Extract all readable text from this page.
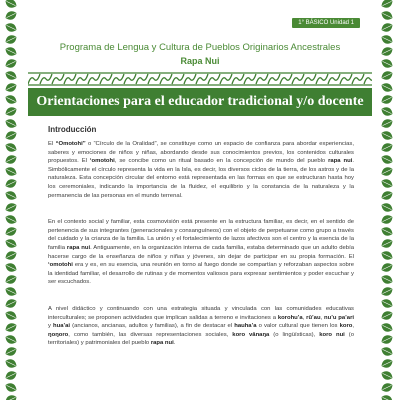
1° BÁSICO Unidad 1
Programa de Lengua y Cultura de Pueblos Originarios Ancestrales
Rapa Nui
Orientaciones para el educador tradicional y/o docente
Introducción

El “Omotohi” o “Círculo de la Oralidad”, se constituye como un espacio de confianza para abordar experiencias, saberes y emociones de niños y niñas, abordando desde sus conocimientos previos, los contenidos culturales propuestos. El ‘omotohi, se concibe como un ritual basado en la concepción de mundo del pueblo rapa nui. Simbólicamente el círculo representa la vida en la Isla, es decir, los diversos ciclos de la tierra, de los astros y de la naturaleza. Esta concepción circular del entorno está representada en las formas en que se estructuran hasta hoy los ceremoniales, indicando la importancia de la fluidez, el equilibrio y la constancia de la naturaleza y la permanencia de las personas en el mundo terrenal.

En el contexto social y familiar, esta cosmovisión está presente en la estructura familiar, es decir, en el sentido de pertenencia de sus integrantes (generacionales y consanguíneos) con el objeto de perpetuarse como grupo a través del cuidado y la crianza de la familia. La unión y el fortalecimiento de lazos afectivos son el centro y la esencia de la familia rapa nui. Antiguamente, en la organización interna de cada familia, estaba determinado que un adulto debía hacerse cargo de la enseñanza de niños y niñas y jóvenes, sin dejar de participar en su propia formación. El ‘omotohi era y es, en su esencia, una reunión en torno al fuego donde se compartían y reforzaban aspectos sobre la identidad familiar, el desarrollo de rutinas y de momentos valiosos para expresar sentimientos y poder escuchar y ser escuchados.

A nivel didáctico y continuando con una estrategia situada y vinculada con las comunidades educativas interculturales; se proponen actividades que implican salidas a terreno e invitaciones a korohu’a, rū’au, nu’u pa’ari y hua’ai (ancianos, ancianas, adultos y familias), a fin de destacar el hauha’a o valor cultural que tienen los koro, ŋoŋoro, como también, las diversas representaciones sociales, koro vānaŋa (o lingüísticas), koro nui (o territoriales) y patrimoniales del pueblo rapa nui.
